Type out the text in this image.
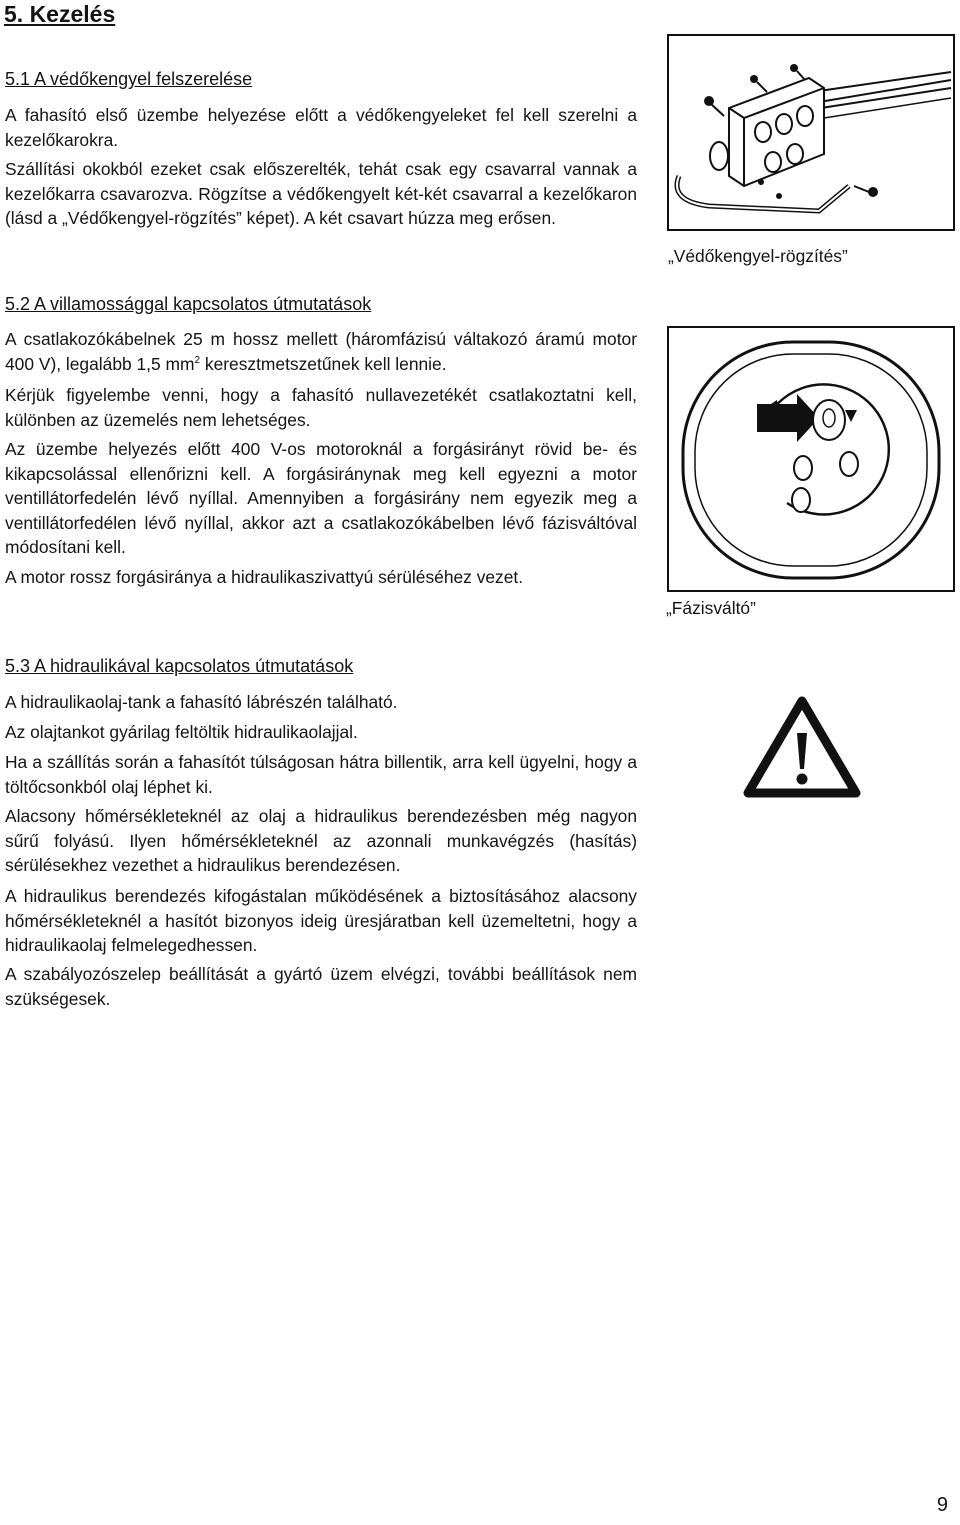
5. Kezelés
5.1 A védőkengyel felszerelése

A fahasító első üzembe helyezése előtt a védőkengyeleket fel kell szerelni a kezelőkarokra.

Szállítási okokból ezeket csak előszerelték, tehát csak egy csavarral vannak a kezelőkarra csavarozva. Rögzítse a védőkengyelt két-két csavarral a kezelőkaron (lásd a „Védőkengyel-rögzítés” képet). A két csavart húzza meg erősen.

„Védőkengyel-rögzítés”

5.2 A villamossággal kapcsolatos útmutatások

A csatlakozókábelnek 25 m hossz mellett (háromfázisú váltakozó áramú motor 400 V), legalább 1,5 $mm^2$ keresztmetszetűnek kell lennie.

Kérjük figyelembe venni, hogy a fahasító nullavezetékét csatlakoztatni kell, különben az üzemelés nem lehetséges.

Az üzembe helyezés előtt 400 V-os motoroknál a forgásirányt rövid be- és kikapcsolással ellenőrizni kell. A forgásiránynak meg kell egyezni a motor ventillátorfedelén lévő nyíllal. Amennyiben a forgásirány nem egyezik meg a ventillátorfedélen lévő nyíllal, akkor azt a csatlakozókábelben lévő fázisváltóval módosítani kell.

A motor rossz forgásiránya a hidraulikaszivattyú sérüléséhez vezet.

„Fázisváltó”

5.3 A hidraulikával kapcsolatos útmutatások

A hidraulikaolaj-tank a fahasító lábrészén található.

Az olajtankot gyárilag feltöltik hidraulikaolajjal.

Ha a szállítás során a fahasítót túlságosan hátra billentik, arra kell ügyelni, hogy a töltőcsonkból olaj léphet ki.

Alacsony hőmérsékleteknél az olaj a hidraulikus berendezésben még nagyon sűrű folyású. Ilyen hőmérsékleteknél az azonnali munkavégzés (hasítás) sérülésekhez vezethet a hidraulikus berendezésen.

A hidraulikus berendezés kifogástalan működésének a biztosításához alacsony hőmérsékleteknél a hasítót bizonyos ideig üresjáratban kell üzemeltetni, hogy a hidraulikaolaj felmelegedhessen.

A szabályozószelep beállítását a gyártó üzem elvégzi, további beállítások nem szükségesek.

9
